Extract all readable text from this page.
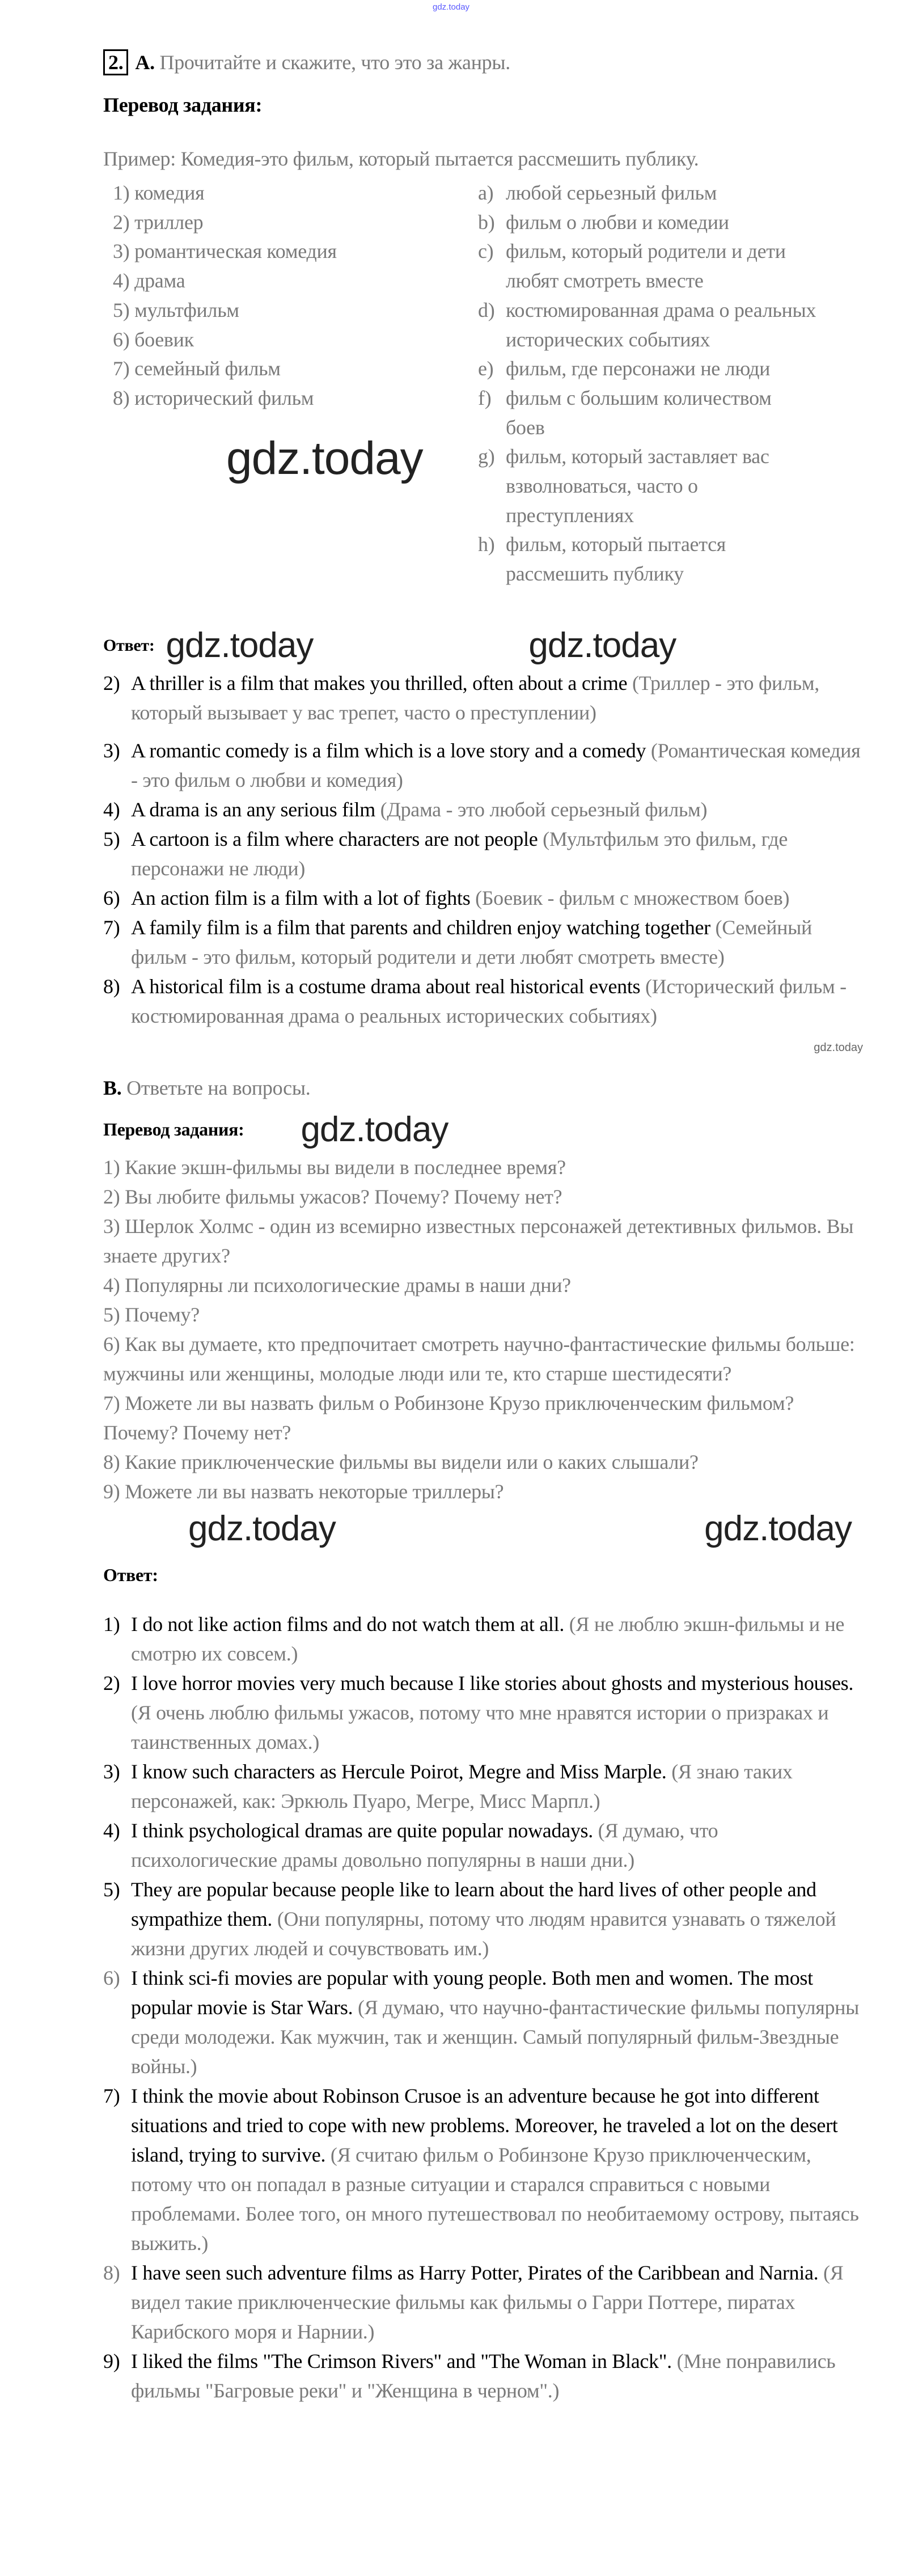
gdz.today
2. A. Прочитайте и скажите, что это за жанры.
Перевод задания:
Пример: Комедия-это фильм, который пытается рассмешить публику.
1) комедия
2) триллер
3) романтическая комедия
4) драма
5) мультфильм
6) боевик
7) семейный фильм
8) исторический фильм
gdz.today
a) любой серьезный фильм
b) фильм о любви и комедии
c) фильм, который родители и дети любят смотреть вместе
d) костюмированная драма о реальных исторических событиях
e) фильм, где персонажи не люди
f) фильм с большим количеством боев
g) фильм, который заставляет вас взволноваться, часто о преступлениях
h) фильм, который пытается рассмешить публику
Ответ: gdz.today	gdz.today
2) A thriller is a film that makes you thrilled, often about a crime (Триллер - это фильм, который вызывает у вас трепет, часто о преступлении)
3) A romantic comedy is a film which is a love story and a comedy (Романтическая комедия - это фильм о любви и комедия)
4) A drama is an any serious film (Драма - это любой серьезный фильм)
5) A cartoon is a film where characters are not people (Мультфильм это фильм, где персонажи не люди)
6) An action film is a film with a lot of fights (Боевик - фильм с множеством боев)
7) A family film is a film that parents and children enjoy watching together (Семейный фильм - это фильм, который родители и дети любят смотреть вместе)
8) A historical film is a costume drama about real historical events (Исторический фильм - костюмированная драма о реальных исторических событиях)
gdz.today
B. Ответьте на вопросы.
Перевод задания: gdz.today
1) Какие экшн-фильмы вы видели в последнее время?
2) Вы любите фильмы ужасов? Почему? Почему нет?
3) Шерлок Холмс - один из всемирно известных персонажей детективных фильмов. Вы знаете других?
4) Популярны ли психологические драмы в наши дни?
5) Почему?
6) Как вы думаете, кто предпочитает смотреть научно-фантастические фильмы больше: мужчины или женщины, молодые люди или те, кто старше шестидесяти?
7) Можете ли вы назвать фильм о Робинзоне Крузо приключенческим фильмом? Почему? Почему нет?
8) Какие приключенческие фильмы вы видели или о каких слышали?
9) Можете ли вы назвать некоторые триллеры?
gdz.today	gdz.today
Ответ:
1) I do not like action films and do not watch them at all. (Я не люблю экшн-фильмы и не смотрю их совсем.)
2) I love horror movies very much because I like stories about ghosts and mysterious houses. (Я очень люблю фильмы ужасов, потому что мне нравятся истории о призраках и таинственных домах.)
3) I know such characters as Hercule Poirot, Megre and Miss Marple. (Я знаю таких персонажей, как: Эркюль Пуаро, Мегре, Мисс Марпл.)
4) I think psychological dramas are quite popular nowadays. (Я думаю, что психологические драмы довольно популярны в наши дни.)
5) They are popular because people like to learn about the hard lives of other people and sympathize them. (Они популярны, потому что людям нравится узнавать о тяжелой жизни других людей и сочувствовать им.)
6) I think sci-fi movies are popular with young people. Both men and women. The most popular movie is Star Wars. (Я думаю, что научно-фантастические фильмы популярны среди молодежи. Как мужчин, так и женщин. Самый популярный фильм-Звездные войны.)
7) I think the movie about Robinson Crusoe is an adventure because he got into different situations and tried to cope with new problems. Moreover, he traveled a lot on the desert island, trying to survive. (Я считаю фильм о Робинзоне Крузо приключенческим, потому что он попадал в разные ситуации и старался справиться с новыми проблемами. Более того, он много путешествовал по необитаемому острову, пытаясь выжить.)
8) I have seen such adventure films as Harry Potter, Pirates of the Caribbean and Narnia. (Я видел такие приключенческие фильмы как фильмы о Гарри Поттере, пиратах Карибского моря и Нарнии.)
9) I liked the films "The Crimson Rivers" and "The Woman in Black". (Мне понравились фильмы "Багровые реки" и "Женщина в черном".)
